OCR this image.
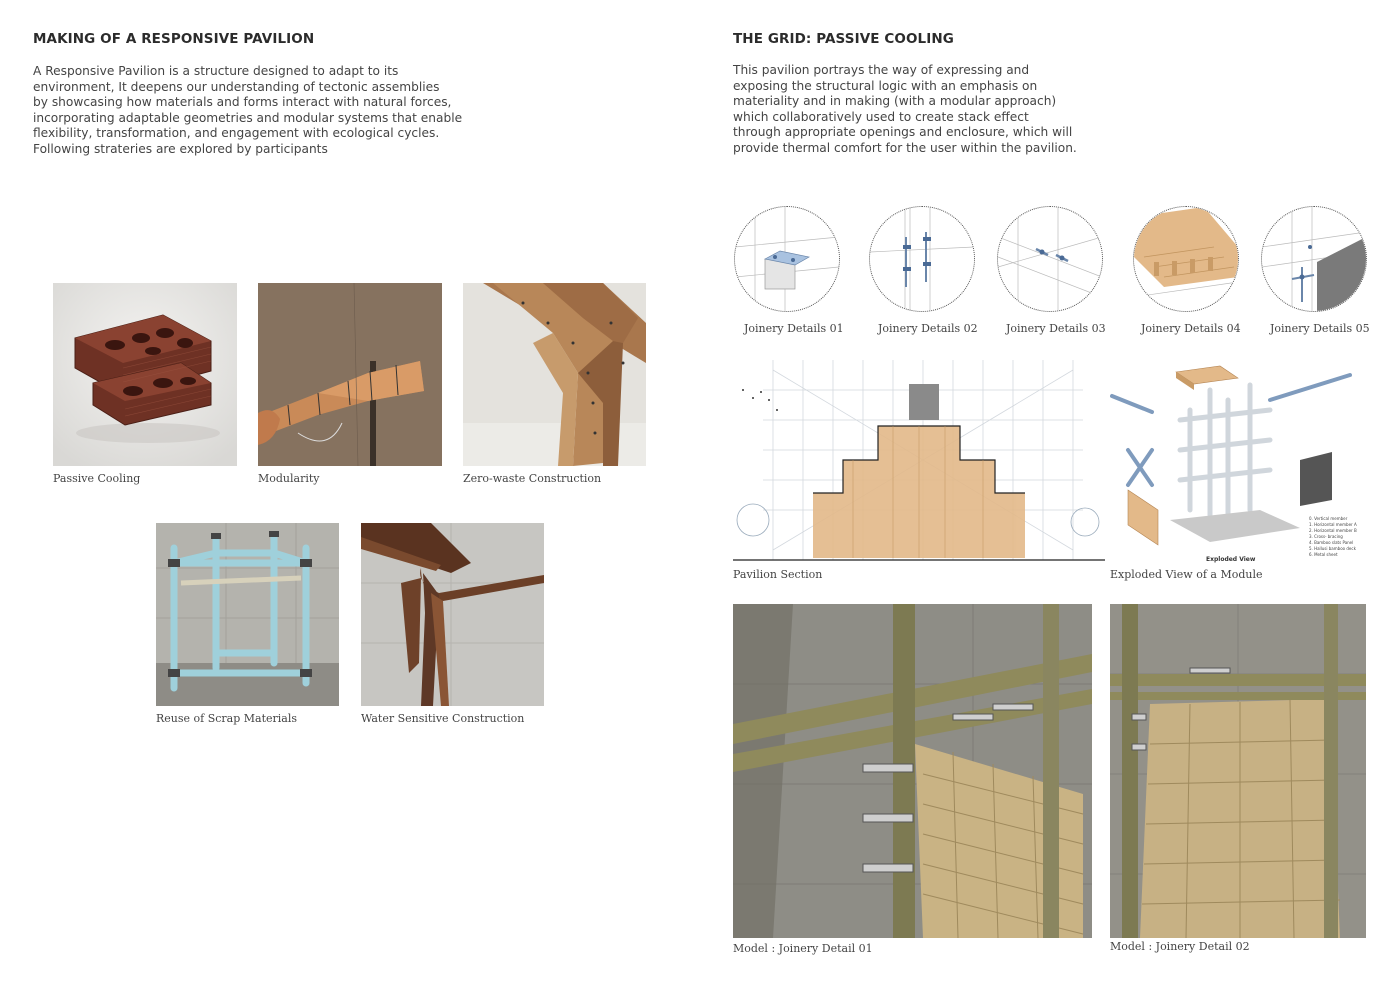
MAKING OF A RESPONSIVE PAVILION

A Responsive Pavilion is a structure designed to adapt to its
environment, It deepens our understanding of tectonic assemblies
by showcasing how materials and forms interact with natural forces,
incorporating adaptable geometries and modular systems that enable
flexibility, transformation, and engagement with ecological cycles.
Following strateries are explored by participants

Passive Cooling	Modularity	Zero-waste Construction
Reuse of Scrap Materials	Water Sensitive Construction
THE GRID: PASSIVE COOLING

This pavilion portrays the way of expressing and
exposing the structural logic with an emphasis on
materiality and in making (with a modular approach)
which collaboratively used to create stack effect
through appropriate openings and enclosure, which will
provide thermal comfort for the user within the pavilion.

Joinery Details 01	Joinery Details 02	Joinery Details 03	Joinery Details 04	Joinery Details 05
Pavilion Section
Exploded View
0. Vertical member
1. Horizontal member A
2. Horizontal member B
3. Cross- bracing
4. Bamboo slats Panel
5. Hallusi bamboo deck
6. Metal sheet
Exploded View of a Module
Model : Joinery Detail 01	Model : Joinery Detail 02
